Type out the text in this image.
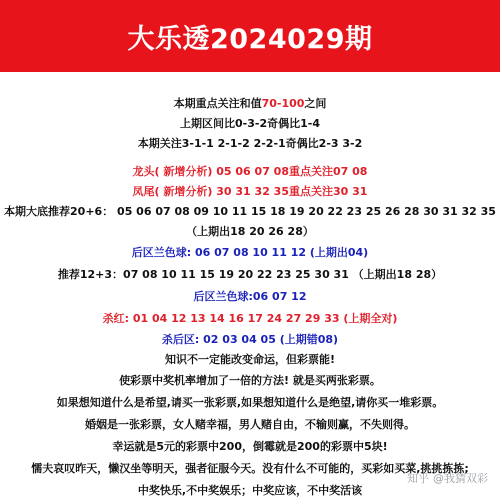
大乐透2024029期
本期重点关注和值70-100之间
上期区间比0-3-2奇偶比1-4
本期关注3-1-1 2-1-2 2-2-1奇偶比2-3 3-2
龙头( 新增分析) 05 06 07 08重点关注07 08
凤尾( 新增分析) 30 31 32 35重点关注30 31
本期大底推荐20+6： 05 06 07 08 09 10 11 15 18 19 20 22 23 25 26 28 30 31 32 35
（上期出18 20 26 28）
后区兰色球: 06 07 08 10 11 12 (上期出04)
推荐12+3：07 08 10 11 15 19 20 22 23 25 30 31 （上期出18 28）
后区兰色球:06 07 12
杀红: 01 04 12 13 14 16 17 24 27 29 33 (上期全对)
杀后区: 02 03 04 05 (上期错08)
知识不一定能改变命运，但彩票能!
使彩票中奖机率增加了一倍的方法! 就是买两张彩票。
如果想知道什么是希望,请买一张彩票,如果想知道什么是绝望,请你买一堆彩票。
婚姻是一张彩票，女人赌幸福，男人赌自由，不输则赢，不失则得。
幸运就是5元的彩票中200，倒霉就是200的彩票中5块!
懦夫哀叹昨天，懒汉坐等明天，强者征服今天。没有什么不可能的，买彩如买菜,挑挑拣拣;
中奖快乐,不中奖娱乐；中奖应该，不中奖活该
知乎 @我猜双彩
